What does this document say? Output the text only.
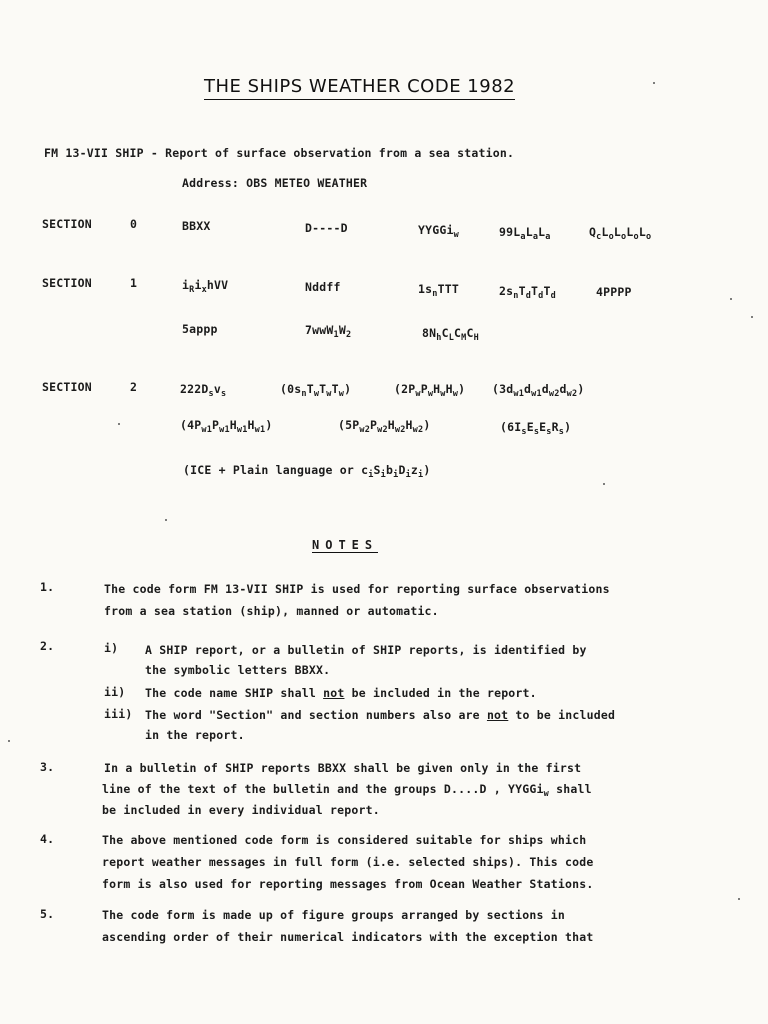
THE SHIPS WEATHER CODE 1982
FM 13-VII SHIP - Report of surface observation from a sea station.
Address: OBS METEO WEATHER
SECTION	0	BBXX	D----D	YYGGi$_w$	$99L_aL_aL_a$	$Q_cL_oL_oL_oL_o$
SECTION	1	$i_Ri_xhVV$	Nddff	$1s_nTTT$	$2s_nT_dT_dT_d$	4PPPP
5appp	$7wwW_1W_2$	$8N_hC_LC_MC_H$
SECTION	2	$222D_sv_s$	$(0s_nT_wT_wT_w)$	$(2P_wP_wH_wH_w)$ $(3d_{w1}d_{w1}d_{w2}d_{w2})$
$(4P_{w1}P_{w1}H_{w1}H_{w1})$	$(5P_{w2}P_{w2}H_{w2}H_{w2})$	$(6I_sE_sE_sR_s)$
(ICE + Plain language or $c_iS_ib_iD_iz_i$)
NOTES
1.	The code form FM 13-VII SHIP is used for reporting surface observations
from a sea station (ship), manned or automatic.
2.	i) A SHIP report, or a bulletin of SHIP reports, is identified by
the symbolic letters BBXX.
ii) The code name SHIP shall not be included in the report.
iii) The word "Section" and section numbers also are not to be included
in the report.
3.	In a bulletin of SHIP reports BBXX shall be given only in the first
line of the text of the bulletin and the groups D....D , YYGGi$_w$ shall
be included in every individual report.
4.	The above mentioned code form is considered suitable for ships which
report weather messages in full form (i.e. selected ships). This code
form is also used for reporting messages from Ocean Weather Stations.
5.	The code form is made up of figure groups arranged by sections in
ascending order of their numerical indicators with the exception that
